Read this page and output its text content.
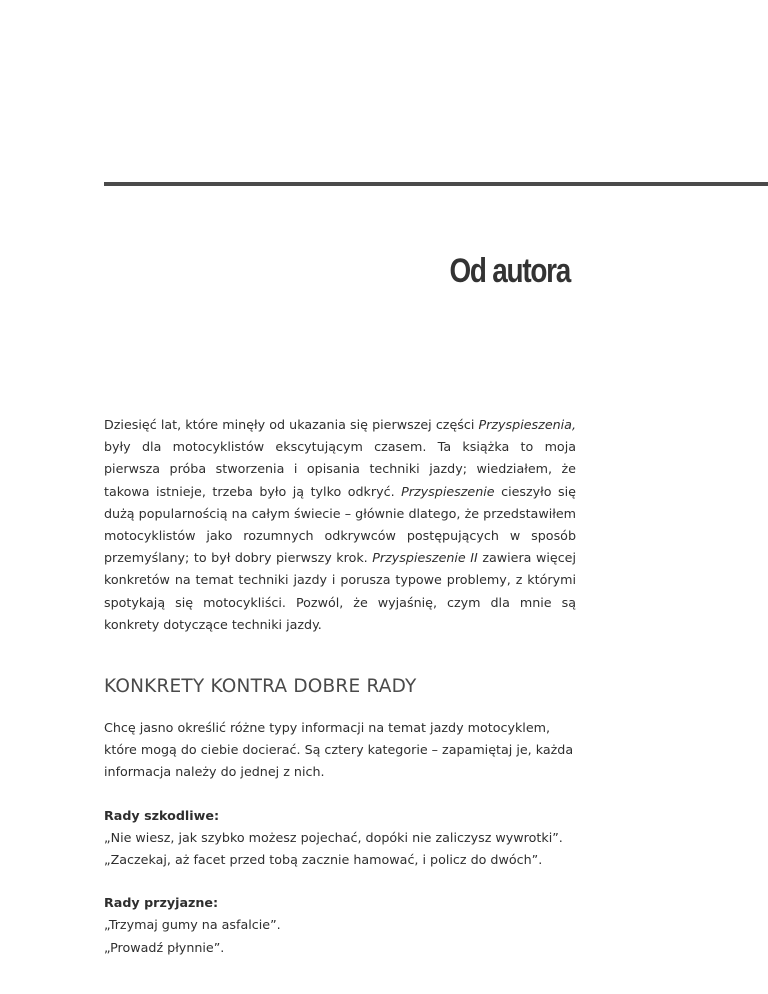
Od autora

Dziesięć lat, które minęły od ukazania się pierwszej części Przyspieszenia, były dla motocyklistów ekscytującym czasem. Ta książka to moja pierwsza próba stworzenia i opisania techniki jazdy; wiedziałem, że takowa istnieje, trzeba było ją tylko odkryć. Przyspieszenie cieszyło się dużą popularnością na całym świecie – głównie dlatego, że przedstawiłem motocyklistów jako rozumnych odkrywców postępujących w sposób przemyślany; to był dobry pierwszy krok. Przyspieszenie II zawiera więcej konkretów na temat techniki jazdy i porusza typowe problemy, z którymi spotykają się motocykliści. Pozwól, że wyjaśnię, czym dla mnie są konkrety dotyczące techniki jazdy.

KONKRETY KONTRA DOBRE RADY

Chcę jasno określić różne typy informacji na temat jazdy motocyklem, które mogą do ciebie docierać. Są cztery kategorie – zapamiętaj je, każda informacja należy do jednej z nich.

Rady szkodliwe:
„Nie wiesz, jak szybko możesz pojechać, dopóki nie zaliczysz wywrotki”.
„Zaczekaj, aż facet przed tobą zacznie hamować, i policz do dwóch”.
Rady przyjazne:
„Trzymaj gumy na asfalcie”.
„Prowadź płynnie”.
